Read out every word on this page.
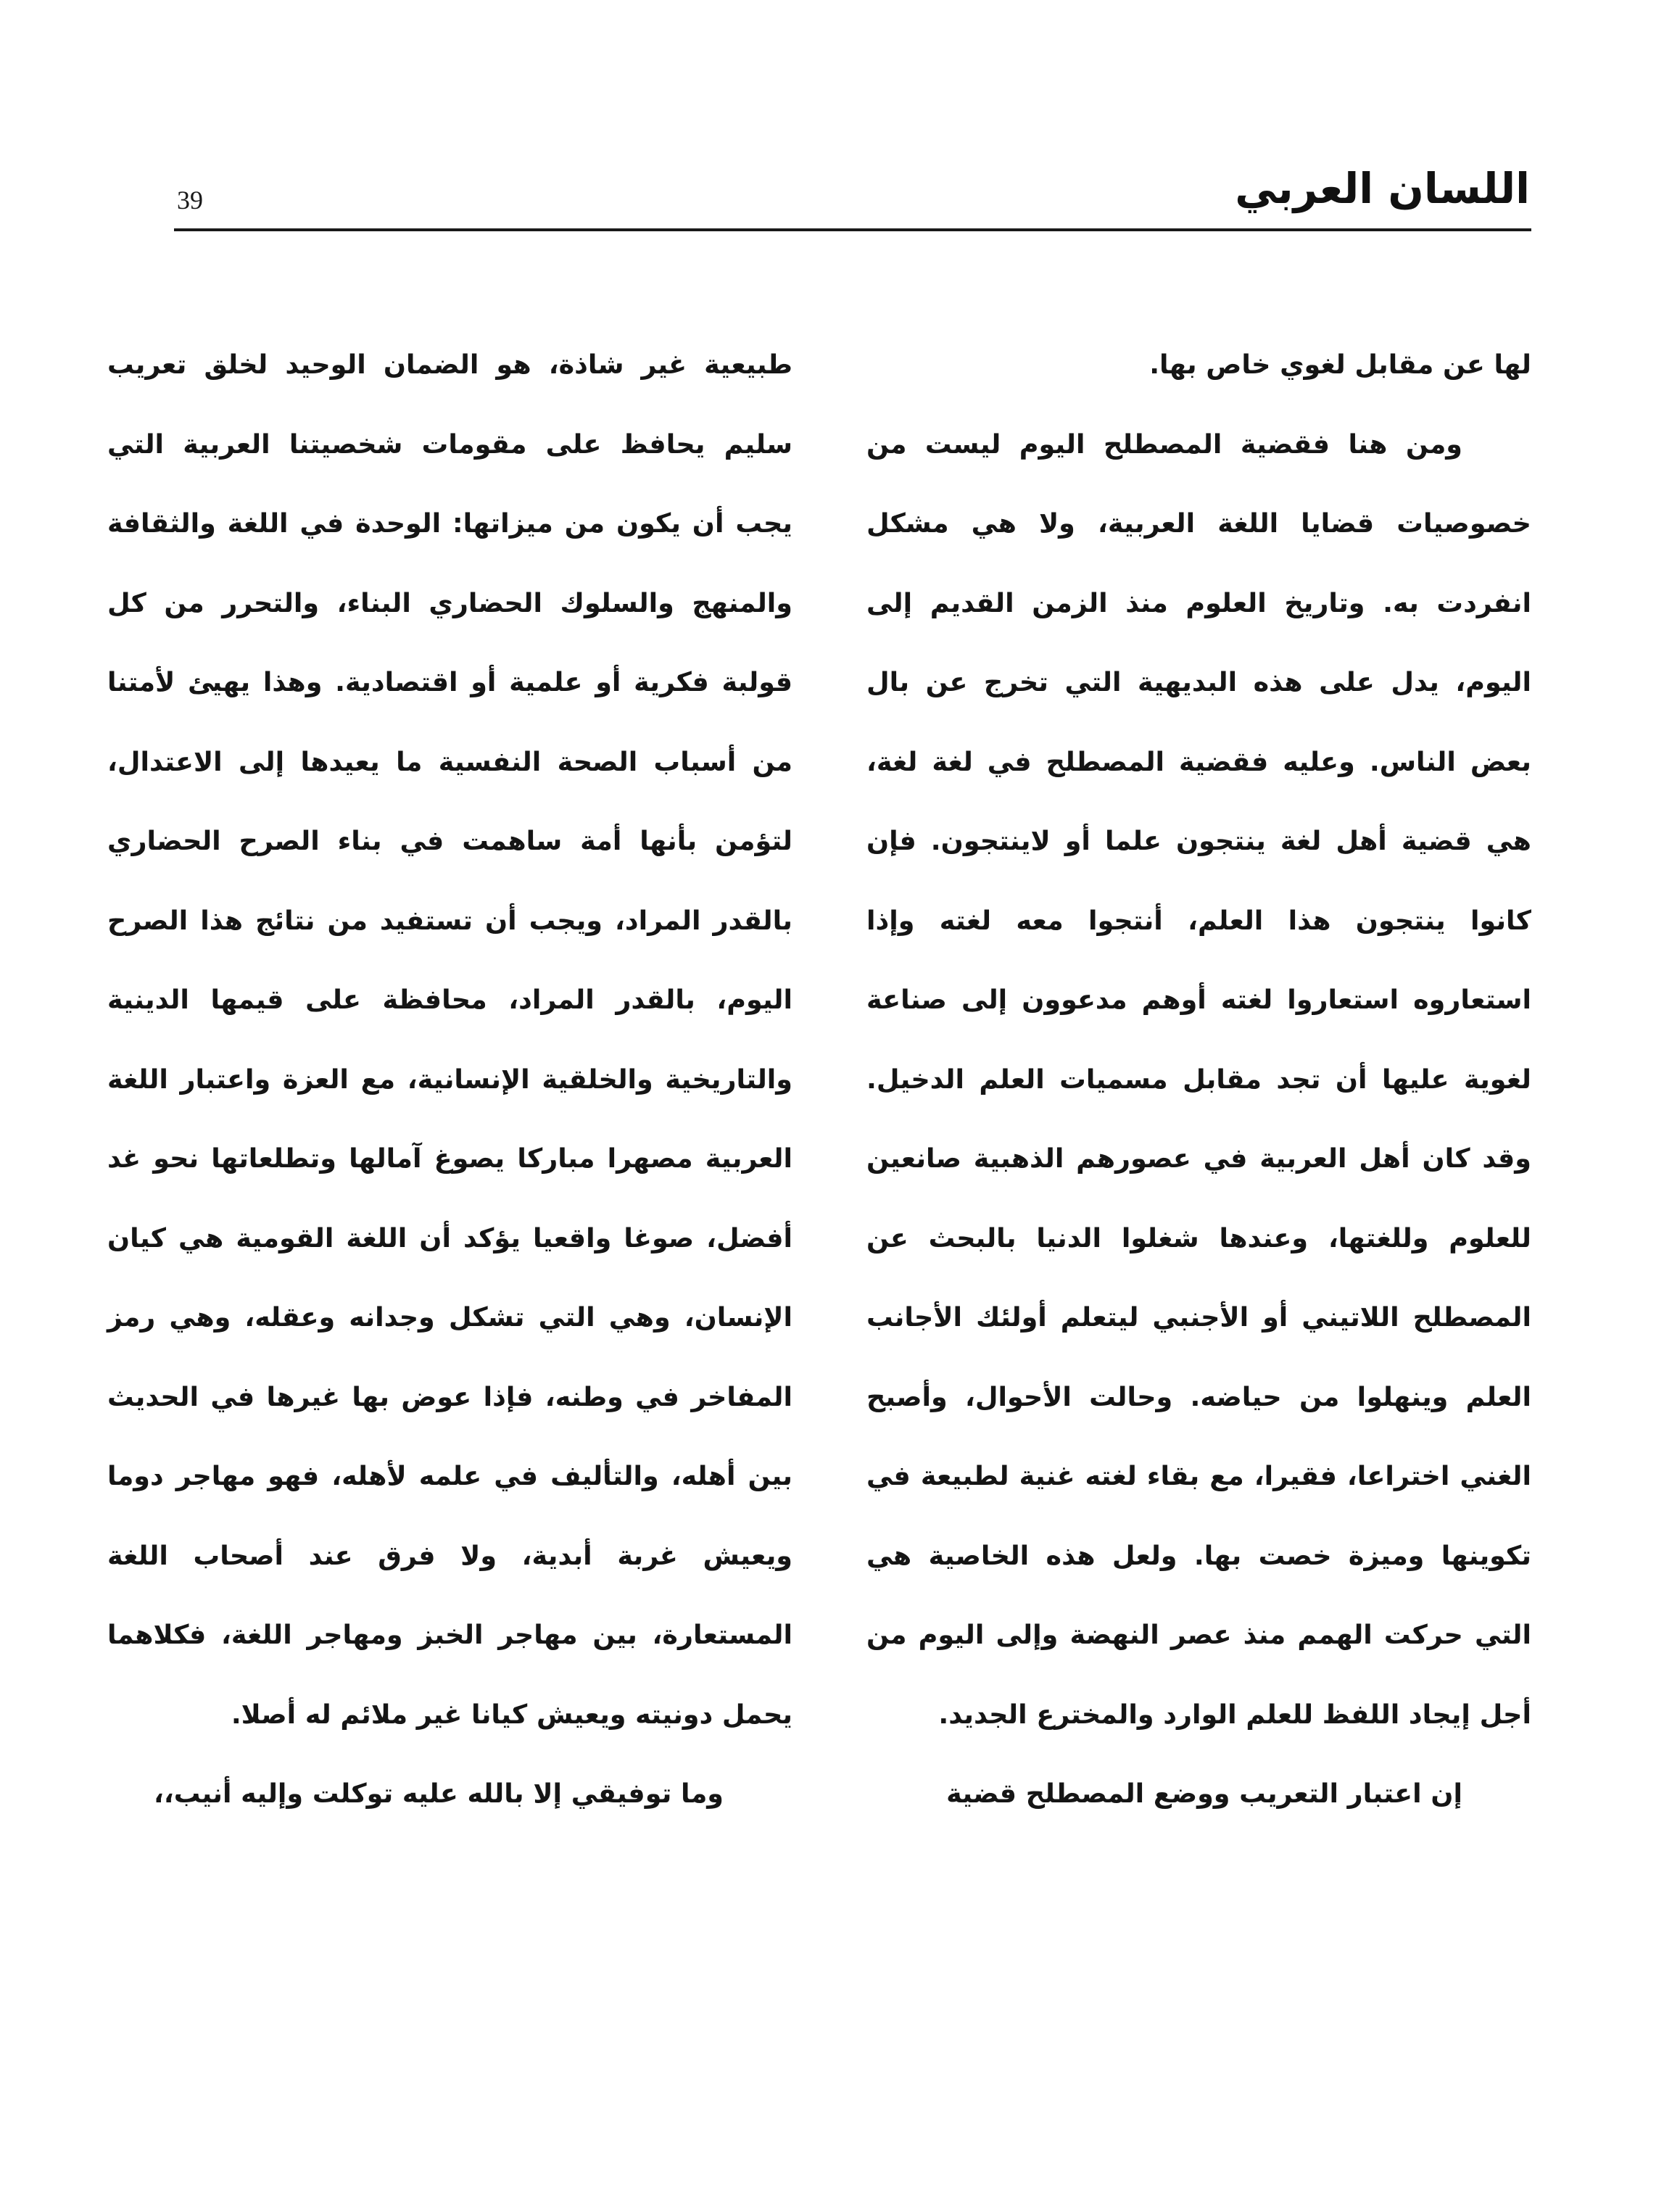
39	اللسان العربي

لها عن مقابل لغوي خاص بها.

ومن هنا فقضية المصطلح اليوم ليست من خصوصيات قضايا اللغة العربية، ولا هي مشكل انفردت به. وتاريخ العلوم منذ الزمن القديم إلى اليوم، يدل على هذه البديهية التي تخرج عن بال بعض الناس. وعليه فقضية المصطلح في لغة لغة، هي قضية أهل لغة ينتجون علما أو لاينتجون. فإن كانوا ينتجون هذا العلم، أنتجوا معه لغته وإذا استعاروه استعاروا لغته أوهم مدعوون إلى صناعة لغوية عليها أن تجد مقابل مسميات العلم الدخيل. وقد كان أهل العربية في عصورهم الذهبية صانعين للعلوم وللغتها، وعندها شغلوا الدنيا بالبحث عن المصطلح اللاتيني أو الأجنبي ليتعلم أولئك الأجانب العلم وينهلوا من حياضه. وحالت الأحوال، وأصبح الغني اختراعا، فقيرا، مع بقاء لغته غنية لطبيعة في تكوينها وميزة خصت بها. ولعل هذه الخاصية هي التي حركت الهمم منذ عصر النهضة وإلى اليوم من أجل إيجاد اللفظ للعلم الوارد والمخترع الجديد.

إن اعتبار التعريب ووضع المصطلح قضية

طبيعية غير شاذة، هو الضمان الوحيد لخلق تعريب سليم يحافظ على مقومات شخصيتنا العربية التي يجب أن يكون من ميزاتها: الوحدة في اللغة والثقافة والمنهج والسلوك الحضاري البناء، والتحرر من كل قولبة فكرية أو علمية أو اقتصادية. وهذا يهيئ لأمتنا من أسباب الصحة النفسية ما يعيدها إلى الاعتدال، لتؤمن بأنها أمة ساهمت في بناء الصرح الحضاري بالقدر المراد، ويجب أن تستفيد من نتائج هذا الصرح اليوم، بالقدر المراد، محافظة على قيمها الدينية والتاريخية والخلقية الإنسانية، مع العزة واعتبار اللغة العربية مصهرا مباركا يصوغ آمالها وتطلعاتها نحو غد أفضل، صوغا واقعيا يؤكد أن اللغة القومية هي كيان الإنسان، وهي التي تشكل وجدانه وعقله، وهي رمز المفاخر في وطنه، فإذا عوض بها غيرها في الحديث بين أهله، والتأليف في علمه لأهله، فهو مهاجر دوما ويعيش غربة أبدية، ولا فرق عند أصحاب اللغة المستعارة، بين مهاجر الخبز ومهاجر اللغة، فكلاهما يحمل دونيته ويعيش كيانا غير ملائم له أصلا.

وما توفيقي إلا بالله عليه توكلت وإليه أنيب،،
